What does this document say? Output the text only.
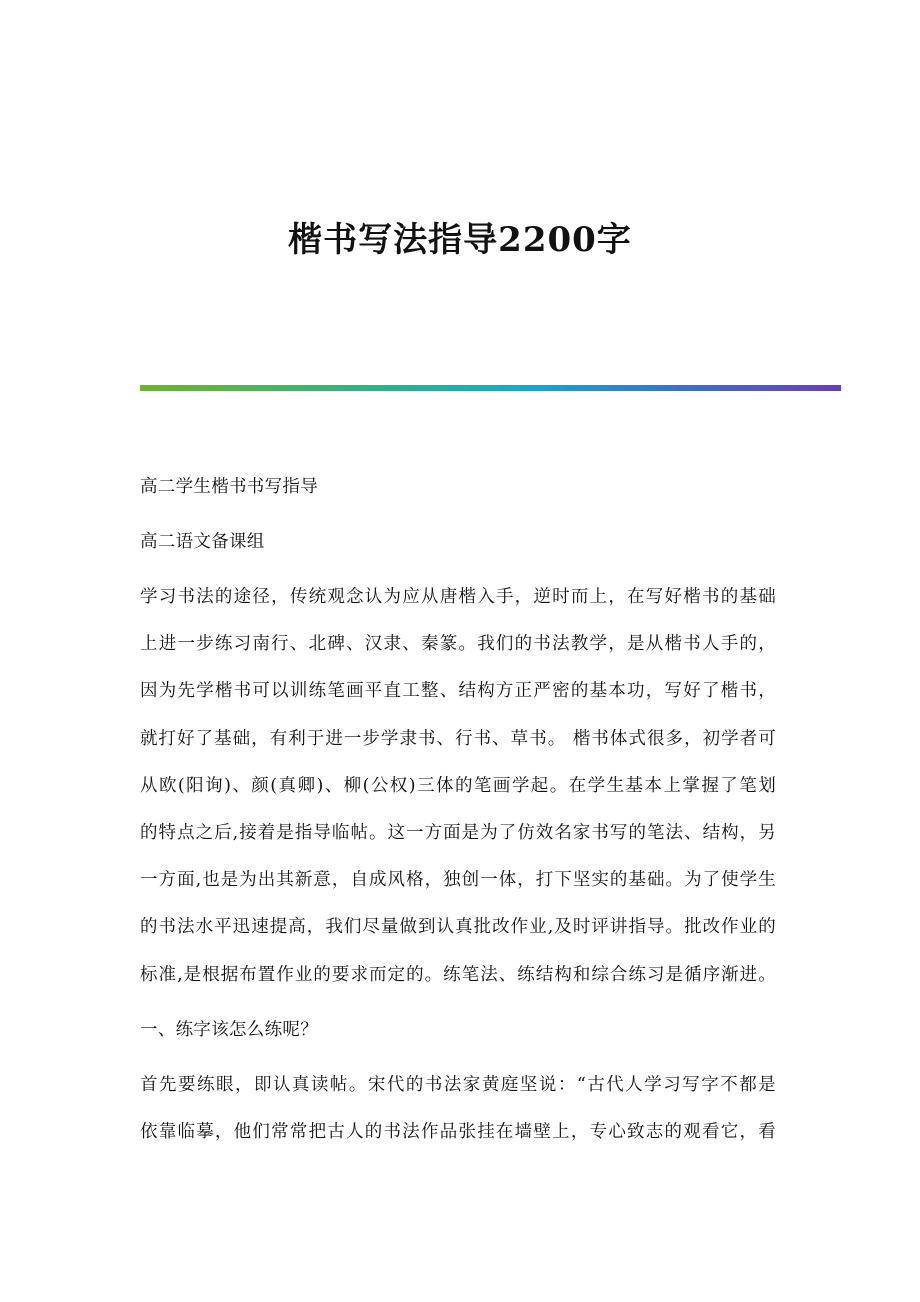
楷书写法指导2200字
高二学生楷书书写指导
高二语文备课组
学习书法的途径，传统观念认为应从唐楷入手，逆时而上，在写好楷书的基础
上进一步练习南行、北碑、汉隶、秦篆。我们的书法教学，是从楷书人手的，
因为先学楷书可以训练笔画平直工整、结构方正严密的基本功，写好了楷书，
就打好了基础，有利于进一步学隶书、行书、草书。 楷书体式很多，初学者可
从欧(阳询)、颜(真卿)、柳(公权)三体的笔画学起。在学生基本上掌握了笔划
的特点之后,接着是指导临帖。这一方面是为了仿效名家书写的笔法、结构，另
一方面,也是为出其新意，自成风格，独创一体，打下坚实的基础。为了使学生
的书法水平迅速提高，我们尽量做到认真批改作业,及时评讲指导。批改作业的
标准,是根据布置作业的要求而定的。练笔法、练结构和综合练习是循序渐进。
一、练字该怎么练呢？
首先要练眼，即认真读帖。宋代的书法家黄庭坚说：“古代人学习写字不都是
依靠临摹，他们常常把古人的书法作品张挂在墙壁上，专心致志的观看它，看
